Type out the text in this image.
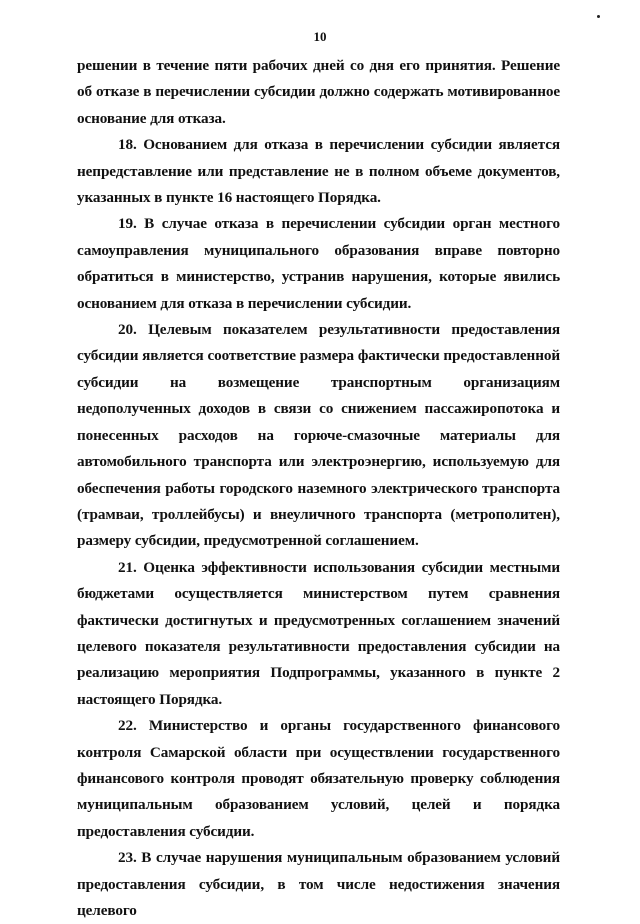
10

решении в течение пяти рабочих дней со дня его принятия. Решение об отказе в перечислении субсидии должно содержать мотивированное основание для отказа.

18. Основанием для отказа в перечислении субсидии является непредставление или представление не в полном объеме документов, указанных в пункте 16 настоящего Порядка.

19. В случае отказа в перечислении субсидии орган местного самоуправления муниципального образования вправе повторно обратиться в министерство, устранив нарушения, которые явились основанием для отказа в перечислении субсидии.

20. Целевым показателем результативности предоставления субсидии является соответствие размера фактически предоставленной субсидии на возмещение транспортным организациям недополученных доходов в связи со снижением пассажиропотока и понесенных расходов на горюче-смазочные материалы для автомобильного транспорта или электроэнергию, используемую для обеспечения работы городского наземного электрического транспорта (трамваи, троллейбусы) и внеуличного транспорта (метрополитен), размеру субсидии, предусмотренной соглашением.

21. Оценка эффективности использования субсидии местными бюджетами осуществляется министерством путем сравнения фактически достигнутых и предусмотренных соглашением значений целевого показателя результативности предоставления субсидии на реализацию мероприятия Подпрограммы, указанного в пункте 2 настоящего Порядка.

22. Министерство и органы государственного финансового контроля Самарской области при осуществлении государственного финансового контроля проводят обязательную проверку соблюдения муниципальным образованием условий, целей и порядка предоставления субсидии.

23. В случае нарушения муниципальным образованием условий предоставления субсидии, в том числе недостижения значения целевого
